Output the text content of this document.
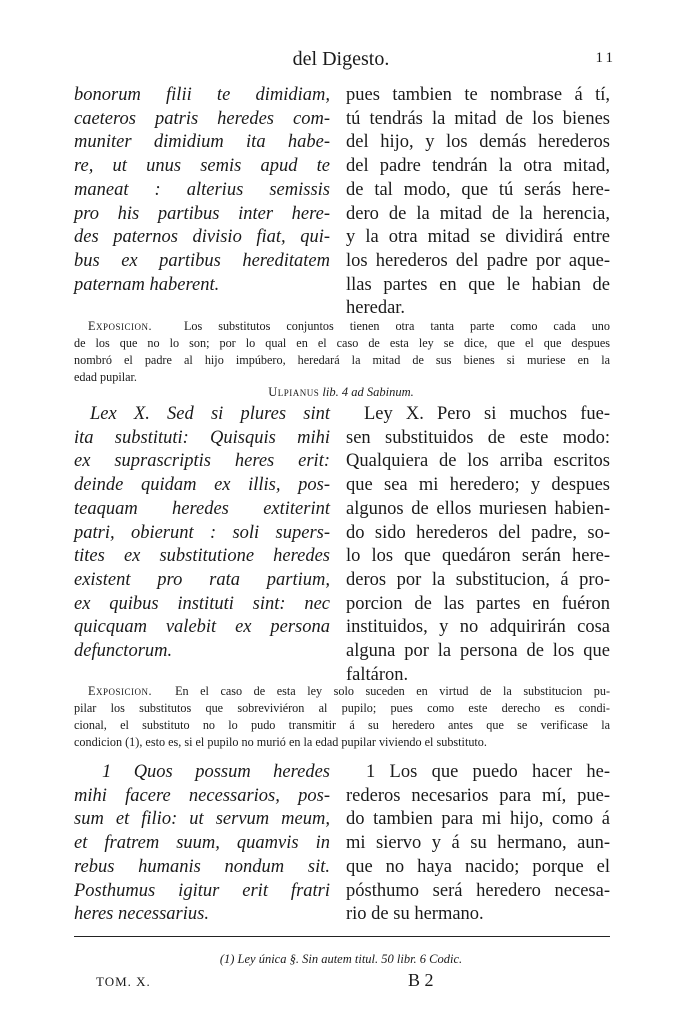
del Digesto.	11
bonorum filii te dimidiam,
caeteros patris heredes com-
muniter dimidium ita habe-
re, ut unus semis apud te
maneat : alterius semissis
pro his partibus inter here-
des paternos divisio fiat, qui-
bus ex partibus hereditatem
paternam haberent.
pues tambien te nombrase á tí,
tú tendrás la mitad de los bienes
del hijo, y los demás herederos
del padre tendrán la otra mitad,
de tal modo, que tú serás here-
dero de la mitad de la herencia,
y la otra mitad se dividirá entre
los herederos del padre por aque-
llas partes en que le habian de
heredar.
Exposicion.	Los substitutos conjuntos tienen otra tanta parte como cada uno
de los que no lo son; por lo qual en el caso de esta ley se dice, que el que despues
nombró el padre al hijo impúbero, heredará la mitad de sus bienes si muriese en la
edad pupilar.
Ulpianus lib. 4 ad Sabinum.
Lex X. Sed si plures sint
ita substituti: Quisquis mihi
ex suprascriptis heres erit:
deinde quidam ex illis, pos-
teaquam heredes extiterint
patri, obierunt : soli supers-
tites ex substitutione heredes
existent pro rata partium,
ex quibus instituti sint: nec
quicquam valebit ex persona
defunctorum.
Ley X. Pero si muchos fue-
sen substituidos de este modo:
Qualquiera de los arriba escritos
que sea mi heredero; y despues
algunos de ellos muriesen habien-
do sido herederos del padre, so-
lo los que quedáron serán here-
deros por la substitucion, á pro-
porcion de las partes en fuéron
instituidos, y no adquirirán cosa
alguna por la persona de los que
faltáron.
Exposicion. En el caso de esta ley solo suceden en virtud de la substitucion pu-
pilar los substitutos que sobreviviéron al pupilo; pues como este derecho es condi-
cional, el substituto no lo pudo transmitir á su heredero antes que se verificase la
condicion (1), esto es, si el pupilo no murió en la edad pupilar viviendo el substituto.
1 Quos possum heredes
mihi facere necessarios, pos-
sum et filio: ut servum meum,
et fratrem suum, quamvis in
rebus humanis nondum sit.
Posthumus igitur erit fratri
heres necessarius.
1 Los que puedo hacer he-
rederos necesarios para mí, pue-
do tambien para mi hijo, como á
mi siervo y á su hermano, aun-
que no haya nacido; porque el
pósthumo será heredero necesa-
rio de su hermano.
(1) Ley única §. Sin autem titul. 50 libr. 6 Codic.
TOM. X.	B 2
